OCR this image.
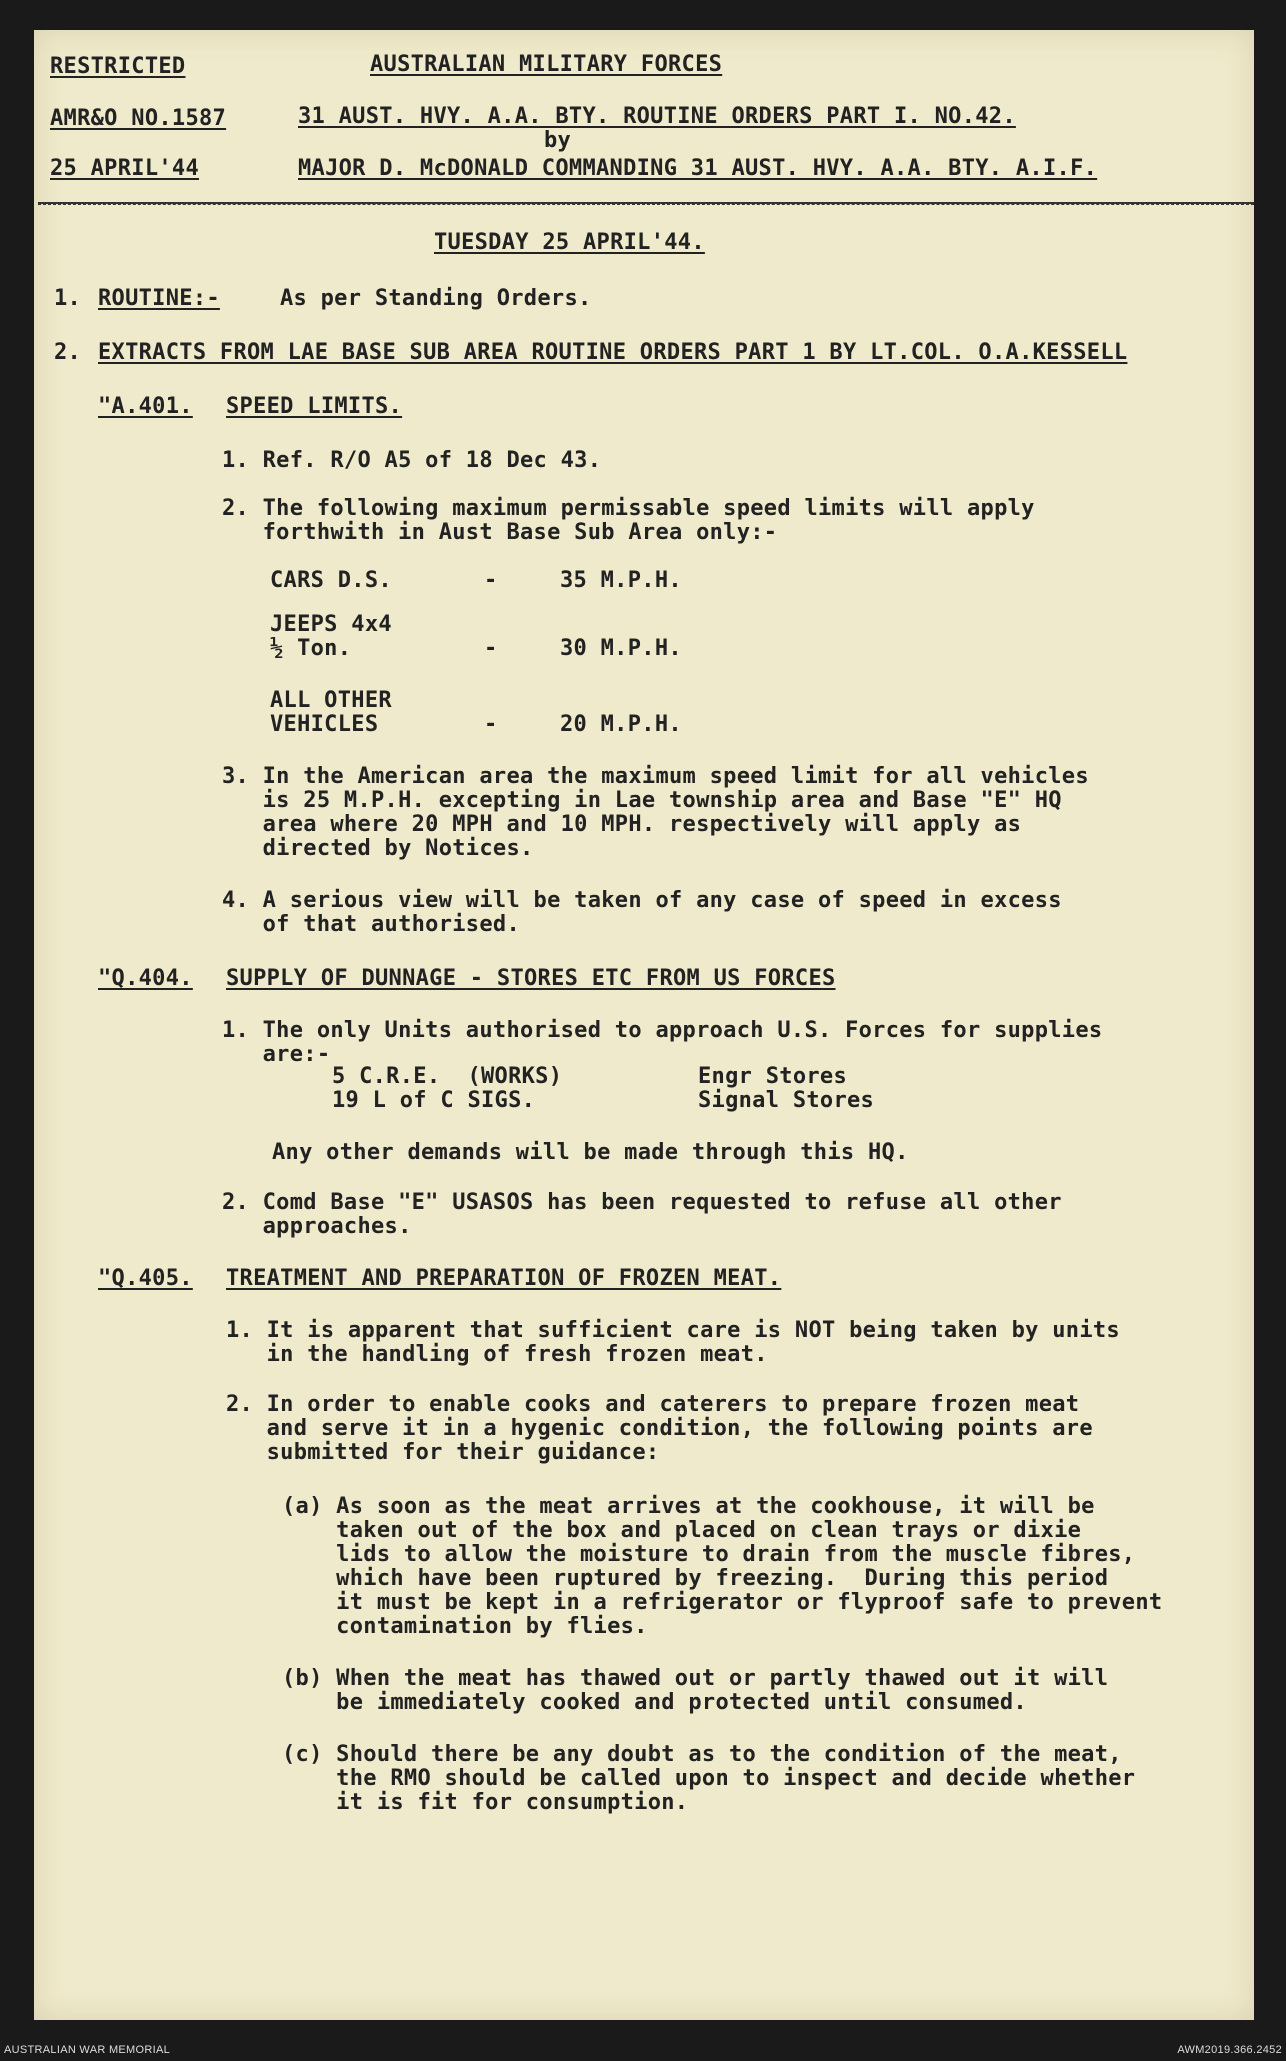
RESTRICTED	AUSTRALIAN MILITARY FORCES
AMR&O NO.1587	31 AUST. HVY. A.A. BTY. ROUTINE ORDERS PART I. NO.42.
by
25 APRIL'44	MAJOR D. McDONALD COMMANDING 31 AUST. HVY. A.A. BTY. A.I.F.
TUESDAY 25 APRIL'44.
1. ROUTINE:-	As per Standing Orders.
2. EXTRACTS FROM LAE BASE SUB AREA ROUTINE ORDERS PART 1 BY LT.COL. O.A.KESSELL
"A.401. SPEED LIMITS.
1. Ref. R/O A5 of 18 Dec 43.
2. The following maximum permissable speed limits will apply
forthwith in Aust Base Sub Area only:-
CARS D.S.	-	35 M.P.H.
JEEPS 4x4
½ Ton.	-	30 M.P.H.
ALL OTHER
VEHICLES	-	20 M.P.H.
3. In the American area the maximum speed limit for all vehicles
is 25 M.P.H. excepting in Lae township area and Base "E" HQ
area where 20 MPH and 10 MPH. respectively will apply as
directed by Notices.
4. A serious view will be taken of any case of speed in excess
of that authorised.
"Q.404. SUPPLY OF DUNNAGE - STORES ETC FROM US FORCES
1. The only Units authorised to approach U.S. Forces for supplies
are:-
5 C.R.E.  (WORKS)	Engr Stores
19 L of C SIGS.	Signal Stores
Any other demands will be made through this HQ.
2. Comd Base "E" USASOS has been requested to refuse all other
approaches.
"Q.405. TREATMENT AND PREPARATION OF FROZEN MEAT.
1. It is apparent that sufficient care is NOT being taken by units
in the handling of fresh frozen meat.
2. In order to enable cooks and caterers to prepare frozen meat
and serve it in a hygenic condition, the following points are
submitted for their guidance:
(a) As soon as the meat arrives at the cookhouse, it will be
taken out of the box and placed on clean trays or dixie
lids to allow the moisture to drain from the muscle fibres,
which have been ruptured by freezing.  During this period
it must be kept in a refrigerator or flyproof safe to prevent
contamination by flies.
(b) When the meat has thawed out or partly thawed out it will
be immediately cooked and protected until consumed.
(c) Should there be any doubt as to the condition of the meat,
the RMO should be called upon to inspect and decide whether
it is fit for consumption.
AUSTRALIAN WAR MEMORIAL	AWM2019.366.2452
